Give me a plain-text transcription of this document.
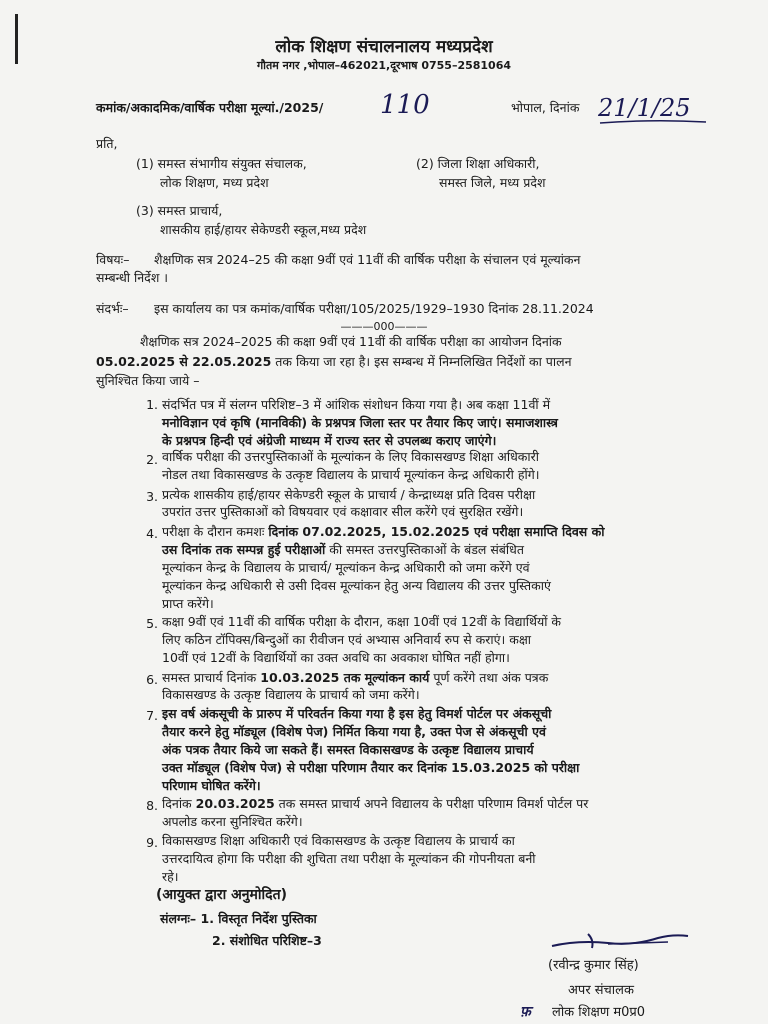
लोक शिक्षण संचालनालय मध्यप्रदेश
गौतम नगर ,भोपाल–462021,दूरभाष 0755–2581064
कमांक/अकादमिक/वार्षिक परीक्षा मूल्यां./2025/ 110	भोपाल, दिनांक 21/1/25
प्रति,
(1) समस्त संभागीय संयुक्त संचालक,
लोक शिक्षण, मध्य प्रदेश
(2) जिला शिक्षा अधिकारी,
समस्त जिले, मध्य प्रदेश
(3) समस्त प्राचार्य,
शासकीय हाई/हायर सेकेण्डरी स्कूल,मध्य प्रदेश
विषयः– शैक्षणिक सत्र 2024–25 की कक्षा 9वीं एवं 11वीं की वार्षिक परीक्षा के संचालन एवं मूल्यांकन
सम्बन्धी निर्देश ।
संदर्भः– इस कार्यालय का पत्र कमांक/वार्षिक परीक्षा/105/2025/1929–1930 दिनांक 28.11.2024
———000———
शैक्षणिक सत्र 2024–2025 की कक्षा 9वीं एवं 11वीं की वार्षिक परीक्षा का आयोजन दिनांक
05.02.2025 से 22.05.2025 तक किया जा रहा है। इस सम्बन्ध में निम्नलिखित निर्देशों का पालन
सुनिश्चित किया जाये –
1. संदर्भित पत्र में संलग्न परिशिष्ट–3 में आंशिक संशोधन किया गया है। अब कक्षा 11वीं में
मनोविज्ञान एवं कृषि (मानविकी) के प्रश्नपत्र जिला स्तर पर तैयार किए जाएं। समाजशास्त्र
के प्रश्नपत्र हिन्दी एवं अंग्रेजी माध्यम में राज्य स्तर से उपलब्ध कराए जाएंगे।
2. वार्षिक परीक्षा की उत्तरपुस्तिकाओं के मूल्यांकन के लिए विकासखण्ड शिक्षा अधिकारी
नोडल तथा विकासखण्ड के उत्कृष्ट विद्यालय के प्राचार्य मूल्यांकन केन्द्र अधिकारी होंगे।
3. प्रत्येक शासकीय हाई/हायर सेकेण्डरी स्कूल के प्राचार्य / केन्द्राध्यक्ष प्रति दिवस परीक्षा
उपरांत उत्तर पुस्तिकाओं को विषयवार एवं कक्षावार सील करेंगे एवं सुरक्षित रखेंगे।
4. परीक्षा के दौरान कमशः दिनांक 07.02.2025, 15.02.2025 एवं परीक्षा समाप्ति दिवस को
उस दिनांक तक सम्पन्न हुई परीक्षाओं की समस्त उत्तरपुस्तिकाओं के बंडल संबंधित
मूल्यांकन केन्द्र के विद्यालय के प्राचार्य/ मूल्यांकन केन्द्र अधिकारी को जमा करेंगे एवं
मूल्यांकन केन्द्र अधिकारी से उसी दिवस मूल्यांकन हेतु अन्य विद्यालय की उत्तर पुस्तिकाएं
प्राप्त करेंगे।
5. कक्षा 9वीं एवं 11वीं की वार्षिक परीक्षा के दौरान, कक्षा 10वीं एवं 12वीं के विद्यार्थियों के
लिए कठिन टॉपिक्स/बिन्दुओं का रीवीजन एवं अभ्यास अनिवार्य रुप से कराएं। कक्षा
10वीं एवं 12वीं के विद्यार्थियों का उक्त अवधि का अवकाश घोषित नहीं होगा।
6. समस्त प्राचार्य दिनांक 10.03.2025 तक मूल्यांकन कार्य पूर्ण करेंगे तथा अंक पत्रक
विकासखण्ड के उत्कृष्ट विद्यालय के प्राचार्य को जमा करेंगे।
7. इस वर्ष अंकसूची के प्रारुप में परिवर्तन किया गया है इस हेतु विमर्श पोर्टल पर अंकसूची
तैयार करने हेतु मॉड्यूल (विशेष पेज) निर्मित किया गया है, उक्त पेज से अंकसूची एवं
अंक पत्रक तैयार किये जा सकते हैं। समस्त विकासखण्ड के उत्कृष्ट विद्यालय प्राचार्य
उक्त मॉड्यूल (विशेष पेज) से परीक्षा परिणाम तैयार कर दिनांक 15.03.2025 को परीक्षा
परिणाम घोषित करेंगे।
8. दिनांक 20.03.2025 तक समस्त प्राचार्य अपने विद्यालय के परीक्षा परिणाम विमर्श पोर्टल पर
अपलोड करना सुनिश्चित करेंगे।
9. विकासखण्ड शिक्षा अधिकारी एवं विकासखण्ड के उत्कृष्ट विद्यालय के प्राचार्य का
उत्तरदायित्व होगा कि परीक्षा की शुचिता तथा परीक्षा के मूल्यांकन की गोपनीयता बनी
रहे।
(आयुक्त द्वारा अनुमोदित)
संलग्नः– 1. विस्तृत निर्देश पुस्तिका
2. संशोधित परिशिष्ट–3
(रवीन्द्र कुमार सिंह)
अपर संचालक
फ़ लोक शिक्षण म0प्र0
